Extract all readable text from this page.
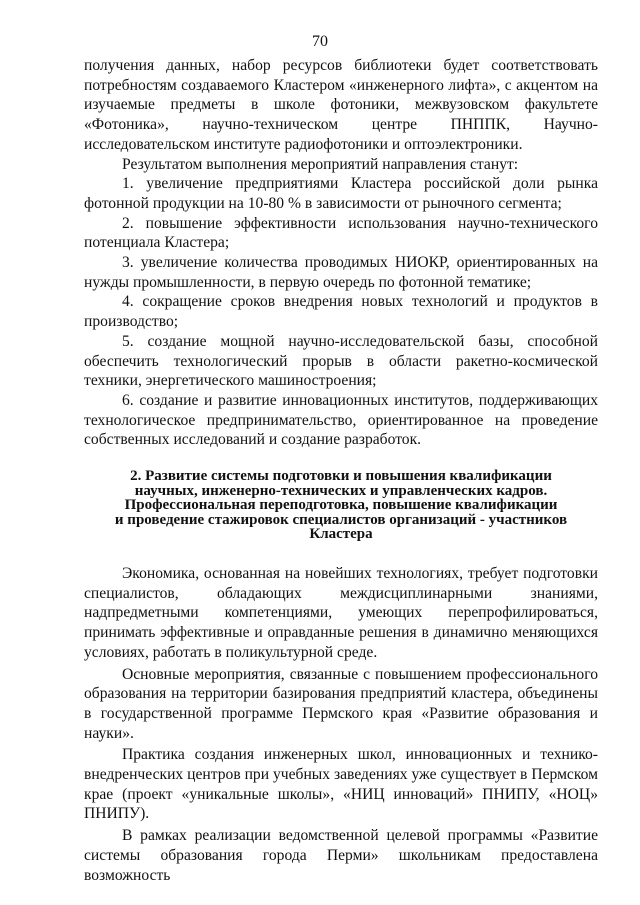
70

получения данных, набор ресурсов библиотеки будет соответствовать потребностям создаваемого Кластером «инженерного лифта», с акцентом на изучаемые предметы в школе фотоники, межвузовском факультете «Фотоника», научно-техническом центре ПНППК, Научно-исследовательском институте радиофотоники и оптоэлектроники.

Результатом выполнения мероприятий направления станут:

1. увеличение предприятиями Кластера российской доли рынка фотонной продукции на 10-80 % в зависимости от рыночного сегмента;

2. повышение эффективности использования научно-технического потенциала Кластера;

3. увеличение количества проводимых НИОКР, ориентированных на нужды промышленности, в первую очередь по фотонной тематике;

4. сокращение сроков внедрения новых технологий и продуктов в производство;

5. создание мощной научно-исследовательской базы, способной обеспечить технологический прорыв в области ракетно-космической техники, энергетического машиностроения;

6. создание и развитие инновационных институтов, поддерживающих технологическое предпринимательство, ориентированное на проведение собственных исследований и создание разработок.

2. Развитие системы подготовки и повышения квалификации
научных, инженерно-технических и управленческих кадров.
Профессиональная переподготовка, повышение квалификации
и проведение стажировок специалистов организаций - участников
Кластера

Экономика, основанная на новейших технологиях, требует подготовки специалистов, обладающих междисциплинарными знаниями, надпредметными компетенциями, умеющих перепрофилироваться, принимать эффективные и оправданные решения в динамично меняющихся условиях, работать в поликультурной среде.

Основные мероприятия, связанные с повышением профессионального образования на территории базирования предприятий кластера, объединены в государственной программе Пермского края «Развитие образования и науки».

Практика создания инженерных школ, инновационных и технико-внедренческих центров при учебных заведениях уже существует в Пермском крае (проект «уникальные школы», «НИЦ инноваций» ПНИПУ, «НОЦ» ПНИПУ).

В рамках реализации ведомственной целевой программы «Развитие системы образования города Перми» школьникам предоставлена возможность
